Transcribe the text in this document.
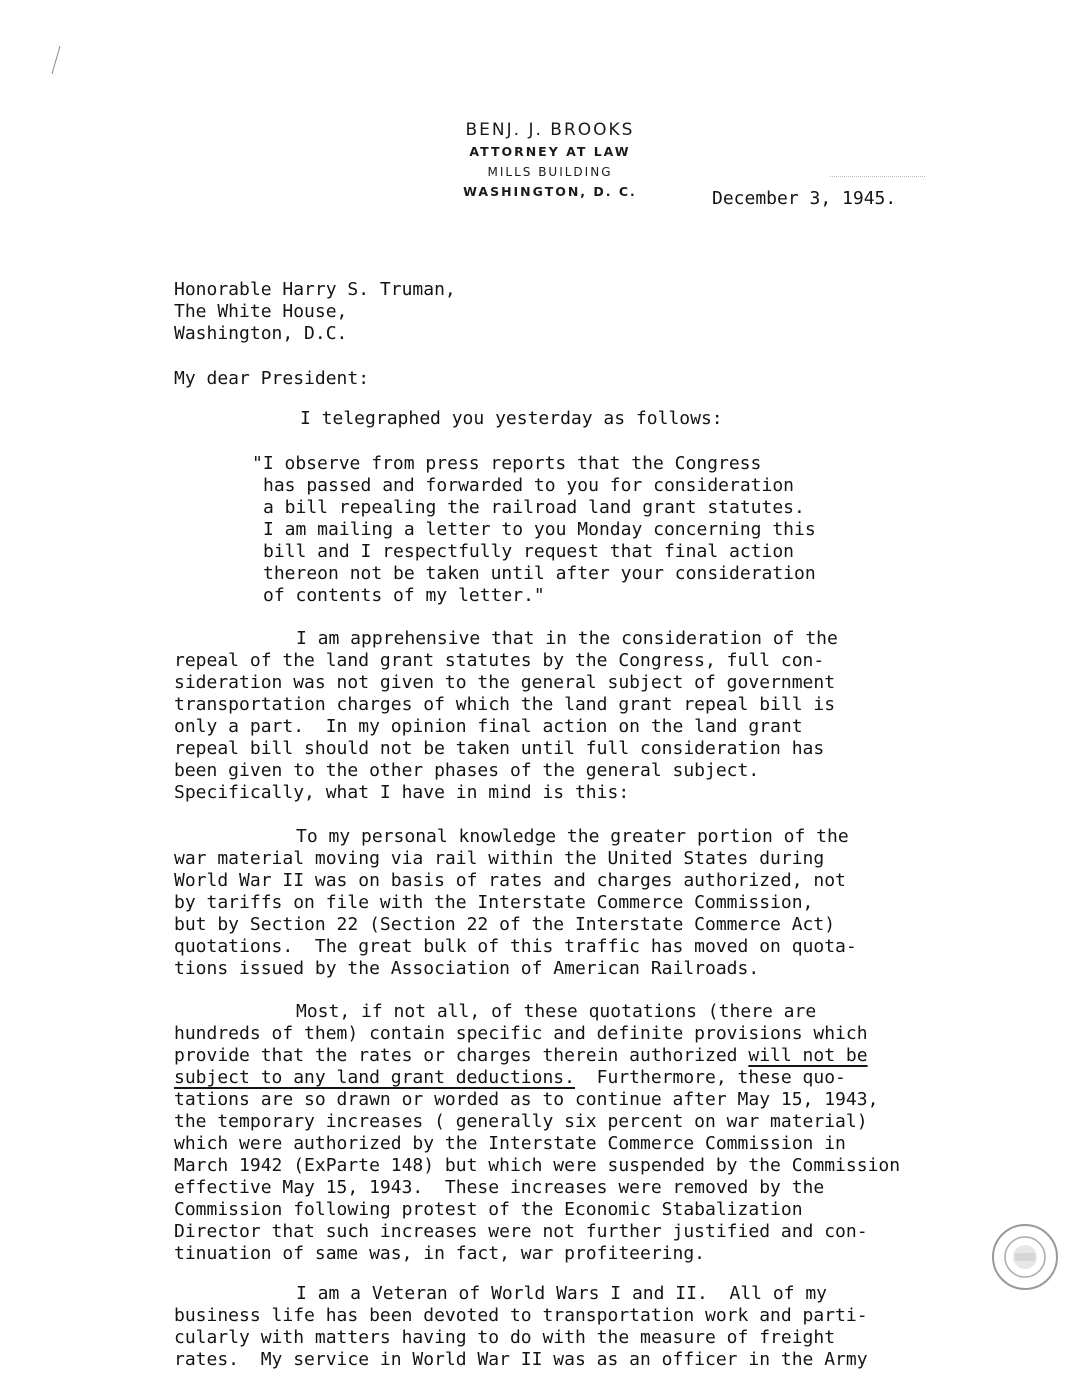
BENJ. J. BROOKS
ATTORNEY AT LAW
MILLS BUILDING
WASHINGTON, D. C.	December 3, 1945.
Honorable Harry S. Truman,
The White House,
Washington, D.C.
My dear President:
I telegraphed you yesterday as follows:
"I observe from press reports that the Congress
has passed and forwarded to you for consideration
a bill repealing the railroad land grant statutes.
I am mailing a letter to you Monday concerning this
bill and I respectfully request that final action
thereon not be taken until after your consideration
of contents of my letter."
I am apprehensive that in the consideration of the
repeal of the land grant statutes by the Congress, full con-
sideration was not given to the general subject of government
transportation charges of which the land grant repeal bill is
only a part.  In my opinion final action on the land grant
repeal bill should not be taken until full consideration has
been given to the other phases of the general subject.
Specifically, what I have in mind is this:
To my personal knowledge the greater portion of the
war material moving via rail within the United States during
World War II was on basis of rates and charges authorized, not
by tariffs on file with the Interstate Commerce Commission,
but by Section 22 (Section 22 of the Interstate Commerce Act)
quotations.  The great bulk of this traffic has moved on quota-
tions issued by the Association of American Railroads.
Most, if not all, of these quotations (there are
hundreds of them) contain specific and definite provisions which
provide that the rates or charges therein authorized will not be
subject to any land grant deductions.  Furthermore, these quo-
tations are so drawn or worded as to continue after May 15, 1943,
the temporary increases ( generally six percent on war material)
which were authorized by the Interstate Commerce Commission in
March 1942 (ExParte 148) but which were suspended by the Commission
effective May 15, 1943.  These increases were removed by the
Commission following protest of the Economic Stabalization
Director that such increases were not further justified and con-
tinuation of same was, in fact, war profiteering.
I am a Veteran of World Wars I and II.  All of my
business life has been devoted to transportation work and parti-
cularly with matters having to do with the measure of freight
rates.  My service in World War II was as an officer in the Army
